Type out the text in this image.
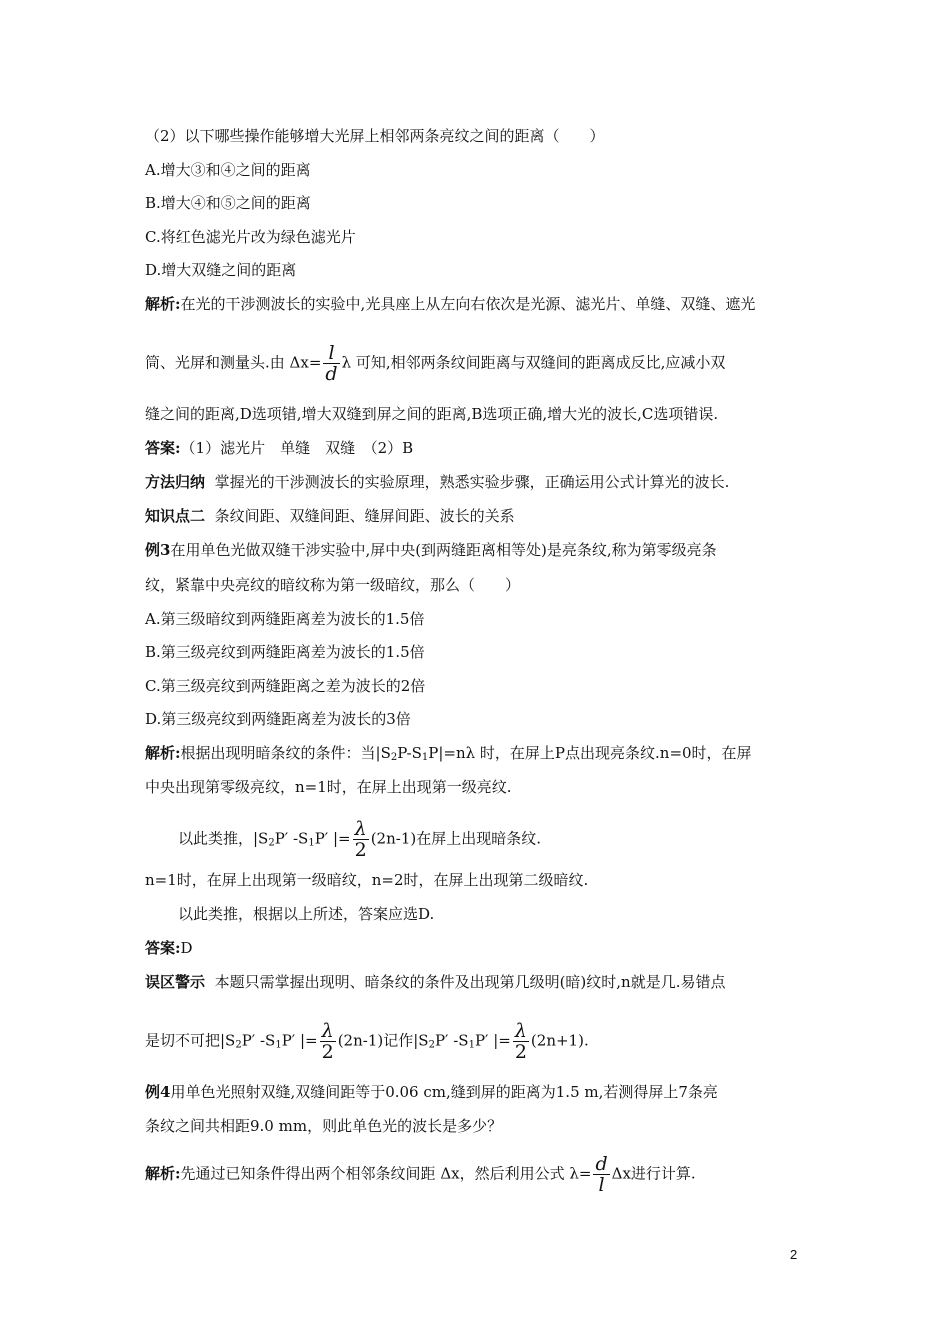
（2）以下哪些操作能够增大光屏上相邻两条亮纹之间的距离（　　）
A.增大③和④之间的距离
B.增大④和⑤之间的距离
C.将红色滤光片改为绿色滤光片
D.增大双缝之间的距离
解析:在光的干涉测波长的实验中,光具座上从左向右依次是光源、滤光片、单缝、双缝、遮光
筒、光屏和测量头.由 $\Delta x= \frac{l}{d}$ λ 可知,相邻两条纹间距离与双缝间的距离成反比,应减小双
缝之间的距离,D选项错,增大双缝到屏之间的距离,B选项正确,增大光的波长,C选项错误.
答案:（1）滤光片　单缝　双缝　（2）B
方法归纳 掌握光的干涉测波长的实验原理，熟悉实验步骤，正确运用公式计算光的波长.
知识点二 条纹间距、双缝间距、缝屏间距、波长的关系
例3在用单色光做双缝干涉实验中,屏中央(到两缝距离相等处)是亮条纹,称为第零级亮条
纹，紧靠中央亮纹的暗纹称为第一级暗纹，那么（　　）
A.第三级暗纹到两缝距离差为波长的1.5倍
B.第三级亮纹到两缝距离差为波长的1.5倍
C.第三级亮纹到两缝距离之差为波长的2倍
D.第三级亮纹到两缝距离差为波长的3倍
解析:根据出现明暗条纹的条件：当$|S_2P-S_1P|=n\lambda$ 时，在屏上P点出现亮条纹.n=0时，在屏
中央出现第零级亮纹，n=1时，在屏上出现第一级亮纹.
以此类推，$|S_2P'$ $-S_1P'$ |= $\frac{\lambda}{2} (2n-1)$在屏上出现暗条纹.
n=1时，在屏上出现第一级暗纹，n=2时，在屏上出现第二级暗纹.
以此类推，根据以上所述，答案应选D.
答案:D
误区警示 本题只需掌握出现明、暗条纹的条件及出现第几级明(暗)纹时,n就是几.易错点
是切不可把$|S_2P'$ $-S_1P'$ |= $\frac{\lambda}{2} (2n-1)$记作$|S_2P'$ $-S_1P'$ |= $\frac{\lambda}{2} (2n+1)$.
例4用单色光照射双缝,双缝间距等于0.06 cm,缝到屏的距离为1.5 m,若测得屏上7条亮
条纹之间共相距9.0 mm，则此单色光的波长是多少？
解析:先通过已知条件得出两个相邻条纹间距 Δx，然后利用公式 $\lambda= \frac{d}{l}$ Δx进行计算.
2
